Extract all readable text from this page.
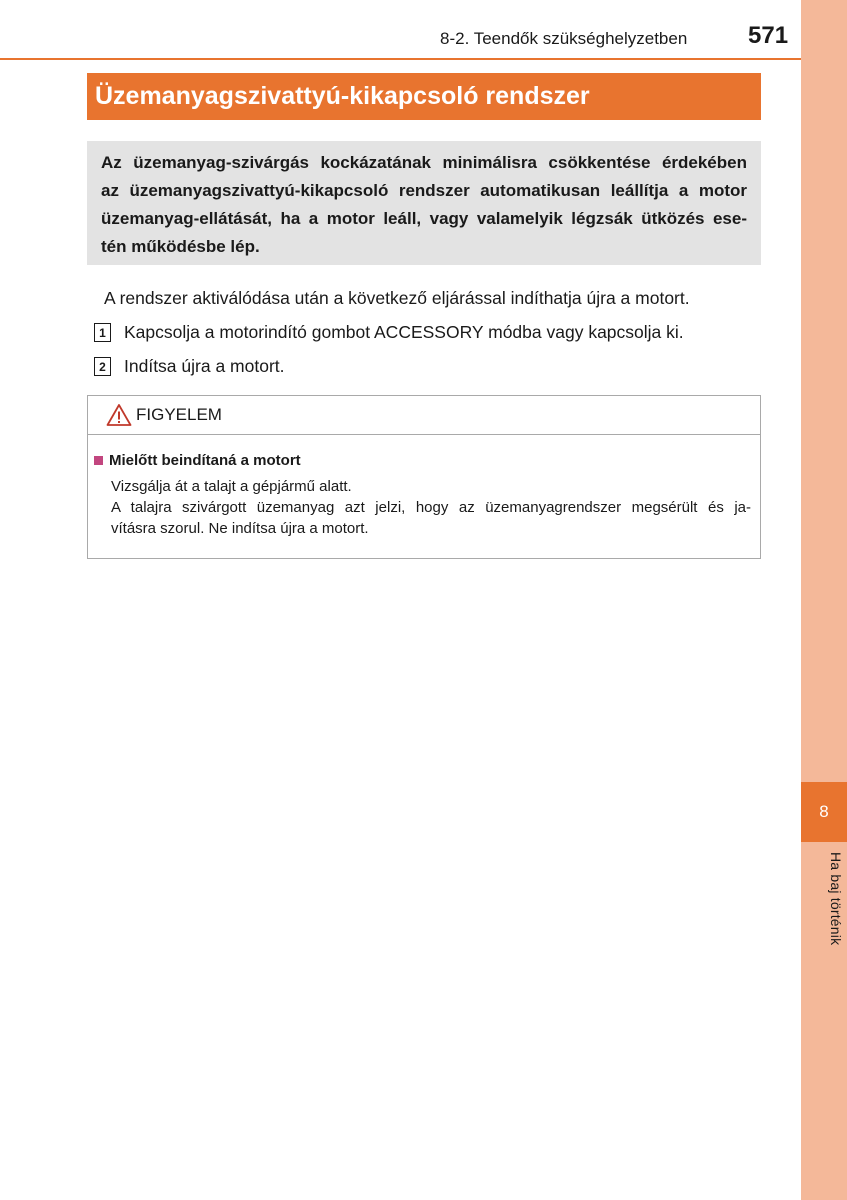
8
Ha baj történik
8-2. Teendők szükséghelyzetben	571
Üzemanyagszivattyú-kikapcsoló rendszer
Az üzemanyag-szivárgás kockázatának minimálisra csökkentése érdekében
az üzemanyagszivattyú-kikapcsoló rendszer automatikusan leállítja a motor
üzemanyag-ellátását, ha a motor leáll, vagy valamelyik légzsák ütközés ese-
tén működésbe lép.
A rendszer aktiválódása után a következő eljárással indíthatja újra a motort.
1 Kapcsolja a motorindító gombot ACCESSORY módba vagy kapcsolja ki.
2 Indítsa újra a motort.
FIGYELEM
Mielőtt beindítaná a motort
Vizsgálja át a talajt a gépjármű alatt.
A talajra szivárgott üzemanyag azt jelzi, hogy az üzemanyagrendszer megsérült és ja-
vításra szorul. Ne indítsa újra a motort.
